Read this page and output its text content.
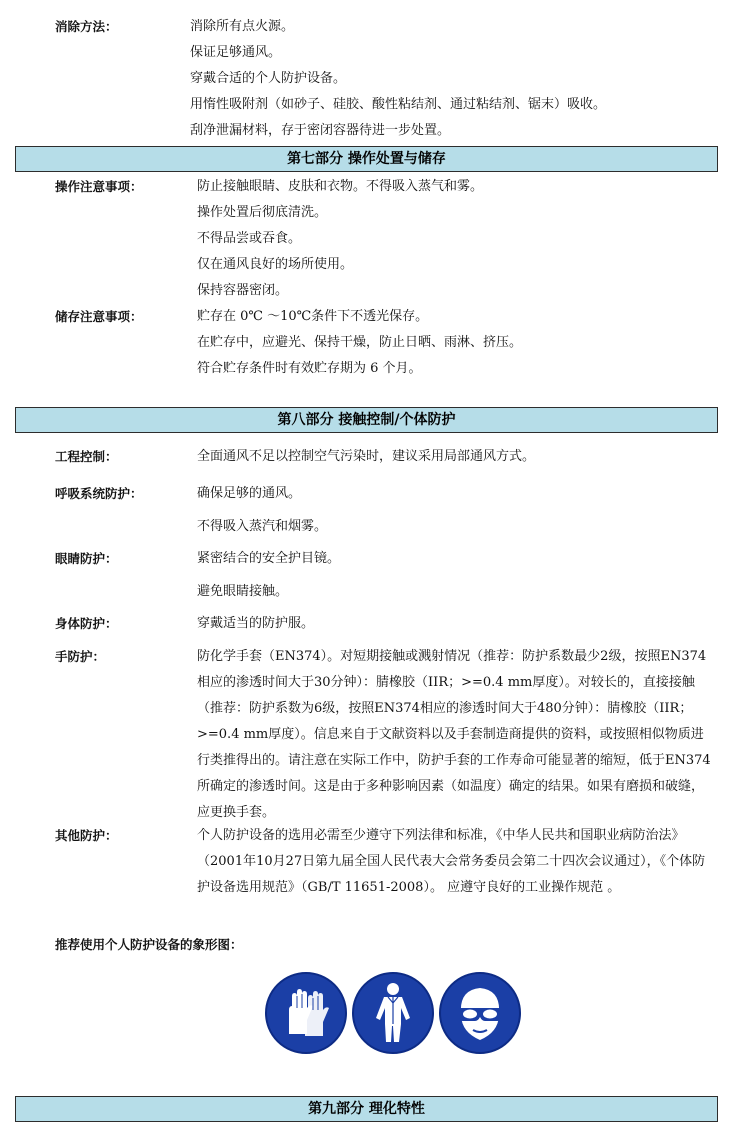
消除方法：	消除所有点火源。
保证足够通风。
穿戴合适的个人防护设备。
用惰性吸附剂（如砂子、硅胶、酸性粘结剂、通过粘结剂、锯末）吸收。
刮净泄漏材料，存于密闭容器待进一步处置。
第七部分 操作处置与储存
操作注意事项：	防止接触眼睛、皮肤和衣物。不得吸入蒸气和雾。
操作处置后彻底清洗。
不得品尝或吞食。
仅在通风良好的场所使用。
保持容器密闭。
储存注意事项：	贮存在 0℃ ～10℃条件下不透光保存。
在贮存中，应避光、保持干燥，防止日晒、雨淋、挤压。
符合贮存条件时有效贮存期为 6 个月。
第八部分 接触控制/个体防护
工程控制：	全面通风不足以控制空气污染时，建议采用局部通风方式。
呼吸系统防护：	确保足够的通风。
不得吸入蒸汽和烟雾。
眼睛防护：	紧密结合的安全护目镜。
避免眼睛接触。
身体防护：	穿戴适当的防护服。
手防护：	防化学手套（EN374）。对短期接触或溅射情况（推荐：防护系数最少2级，按照EN374相应的渗透时间大于30分钟）：腈橡胶（IIR；>=0.4 mm厚度）。对较长的，直接接触（推荐：防护系数为6级，按照EN374相应的渗透时间大于480分钟）：腈橡胶（IIR；>=0.4 mm厚度）。信息来自于文献资料以及手套制造商提供的资料，或按照相似物质进行类推得出的。请注意在实际工作中，防护手套的工作寿命可能显著的缩短，低于EN374所确定的渗透时间。这是由于多种影响因素（如温度）确定的结果。如果有磨损和破缝，应更换手套。
其他防护：	个人防护设备的选用必需至少遵守下列法律和标准，《中华人民共和国职业病防治法》（2001年10月27日第九届全国人民代表大会常务委员会第二十四次会议通过），《个体防护设备选用规范》（GB/T 11651-2008）。 应遵守良好的工业操作规范 。
推荐使用个人防护设备的象形图：
第九部分 理化特性
